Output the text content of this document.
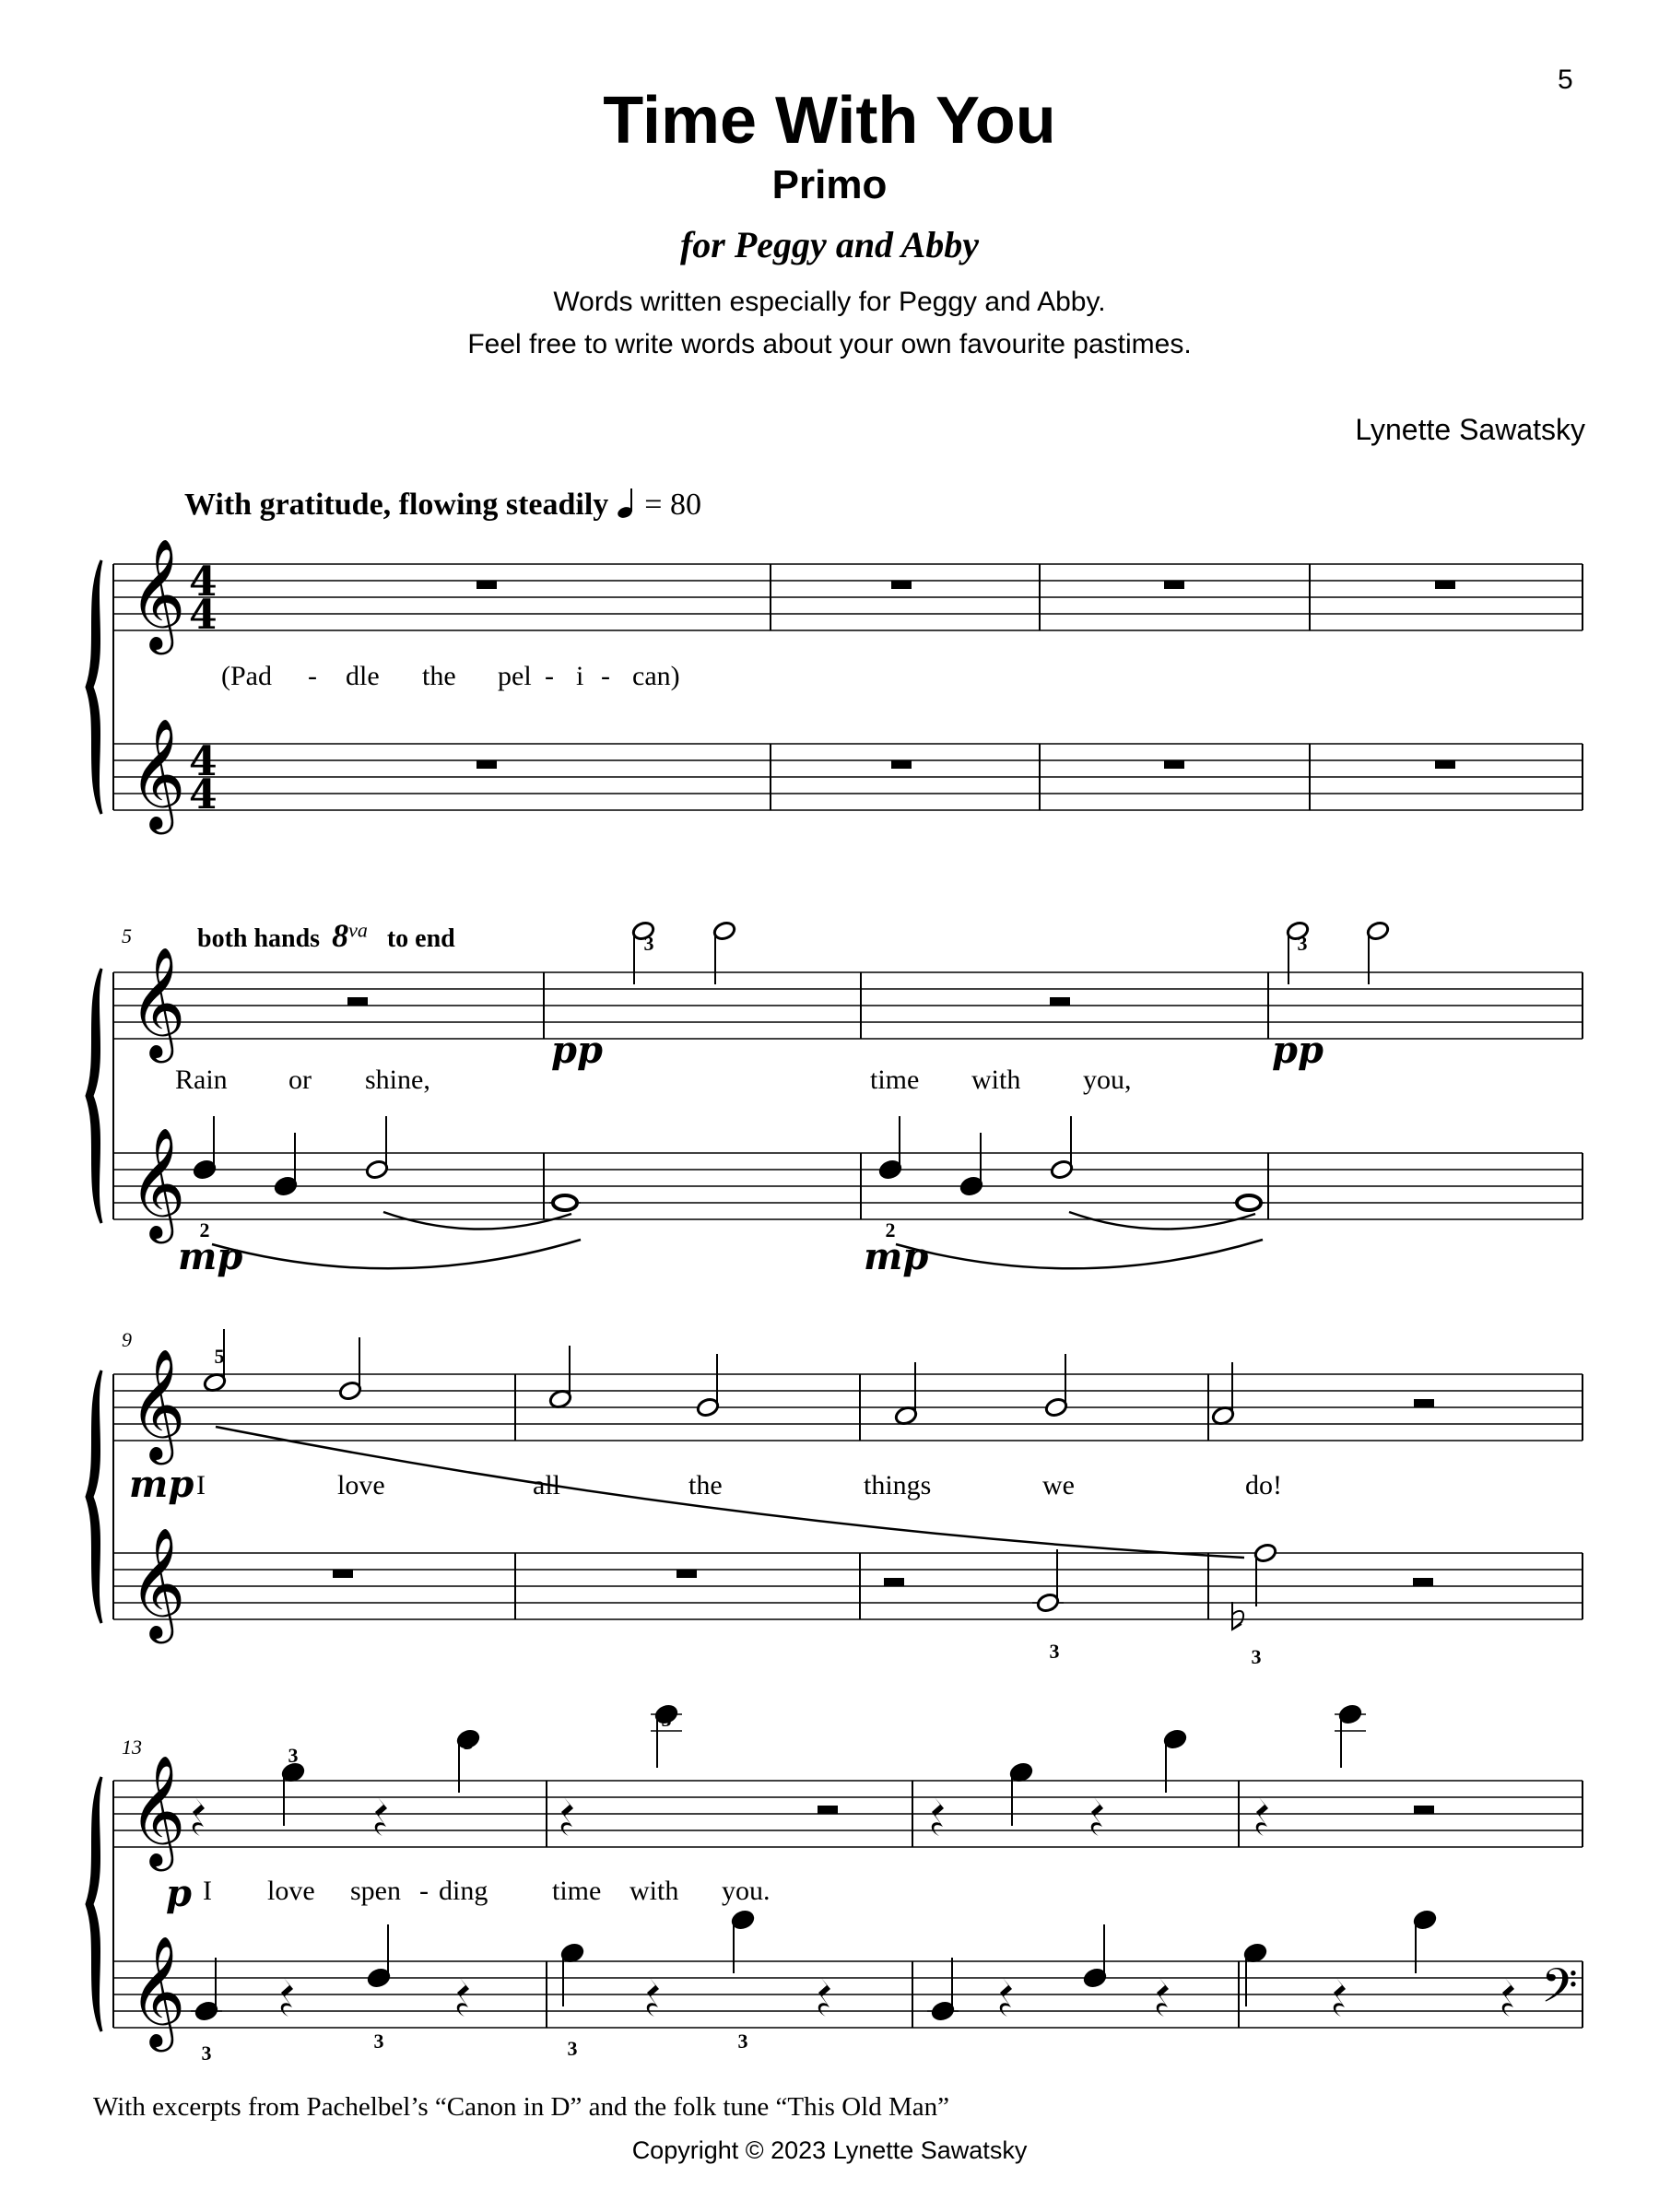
5
Time With You
Primo
for Peggy and Abby
Words written especially for Peggy and Abby.
Feel free to write words about your own favourite pastimes.
Lynette Sawatsky
With gratitude, flowing steadily = 80
both hands $8^{va}$ to end
With excerpts from Pachelbel’s “Canon in D” and the folk tune “This Old Man”
Copyright © 2023 Lynette Sawatsky
𝄞
𝄞
4
4
4
4
(Pad - dle the pel - i - can)
𝄞
𝄞
5	3	3
pp	pp
Rain or shine,	time with you,
2	2
mp	mp
𝄞
𝄞
9
5
mp I	love	all	the	things	we	do!
3	3
𝄞
𝄞
13	3
3
3
p I love spen - ding time with you.
𝄢
3
3	3	3
